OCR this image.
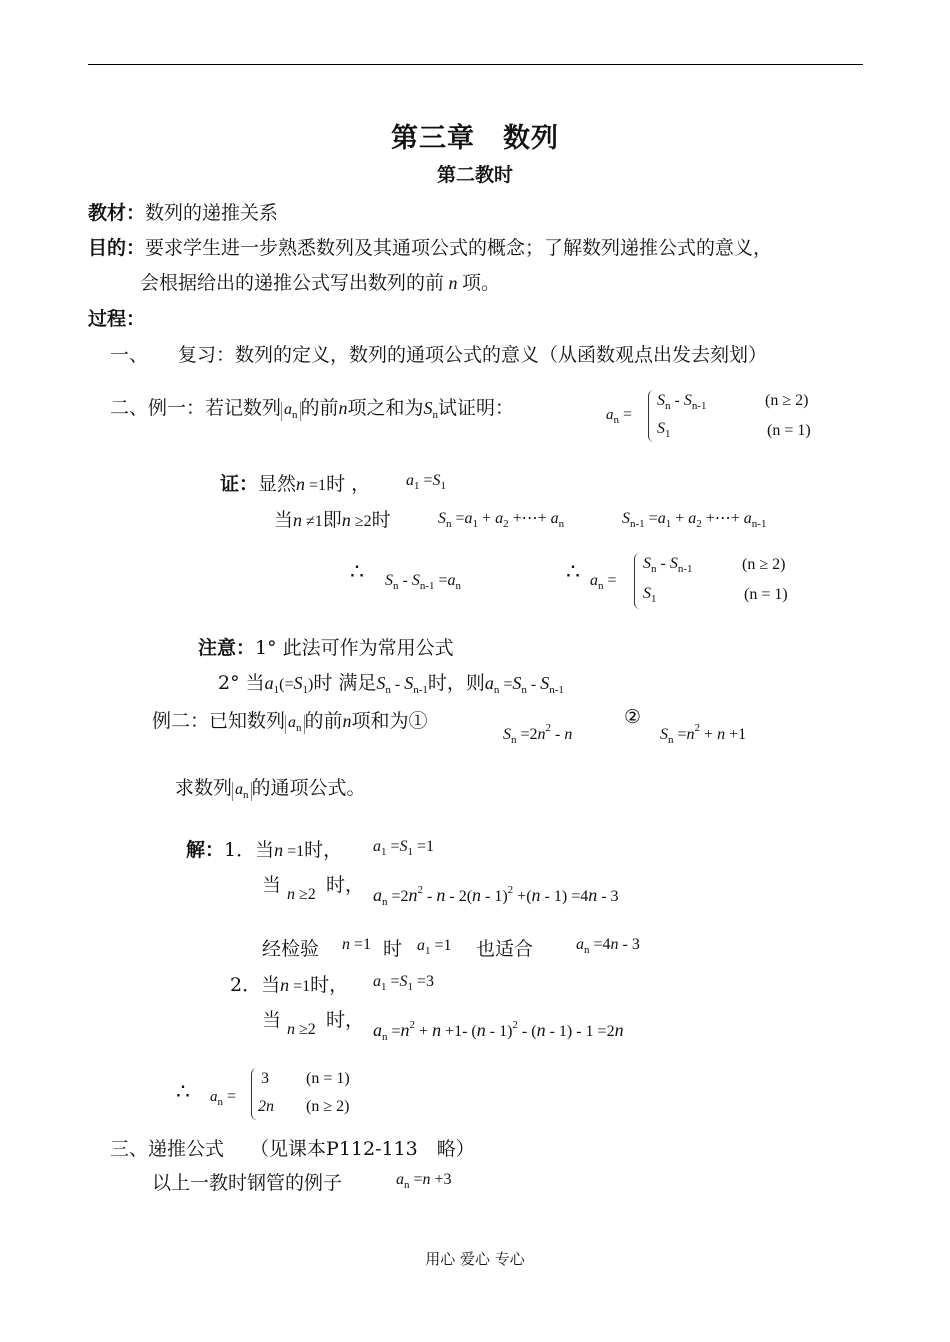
第三章　数列
第二教时
教材：数列的递推关系
目的：要求学生进一步熟悉数列及其通项公式的概念；了解数列递推公式的意义，
会根据给出的递推公式写出数列的前 n 项。
过程：
一、 复习：数列的定义，数列的通项公式的意义（从函数观点出发去刻划）
二、例一：若记数列 $a_n$ 的前n项之和为$S_n$试证明：	$a_n$ =
$S_n - S_{n-1}$	(n ≥ 2)
$S_1$	(n = 1)
证：显然n =1时 ， $a_1 =S_1$
当n ≠1即n ≥2时	$S_n =a_1 + a_2$ +⋯+ $a_n$	$S_{n-1} =a_1 + a_2$ +⋯+ $a_{n-1}$
∴ $S_n - S_{n-1} =a_n$
∴ $a_n$ =
$S_n - S_{n-1}$	(n ≥ 2)
$S_1$	(n = 1)
注意：1° 此法可作为常用公式
2° 当$a_1(=S_1)$时 满足$S_n - S_{n-1}$时，则$a_n =S_n - S_{n-1}$
例二：已知数列 $a_n$ 的前n项和为①
$S_n =2n^2 - n$
②
$S_n =n^2 + n +1$
求数列 $a_n$ 的通项公式。
解：1．当n =1时， $a_1 =S_1 =1$
当 n ≥2 时， $a_n =2n^2 - n - 2(n - 1)^2 +(n - 1) =4n - 3$
经检验 n =1 时 $a_1 =1$ 也适合	$a_n =4n - 3$
2．当n =1时， $a_1 =S_1 =3$
当 n ≥2 时， $a_n =n^2 + n +1-$ (n - 1)$^2$ - (n - 1) - 1 =2n
∴ $a_n$ =
3 (n = 1)
2n (n ≥ 2)
三、递推公式 （见课本P112-113　略）
以上一教时钢管的例子	$a_n =n +3$
用心 爱心 专心
